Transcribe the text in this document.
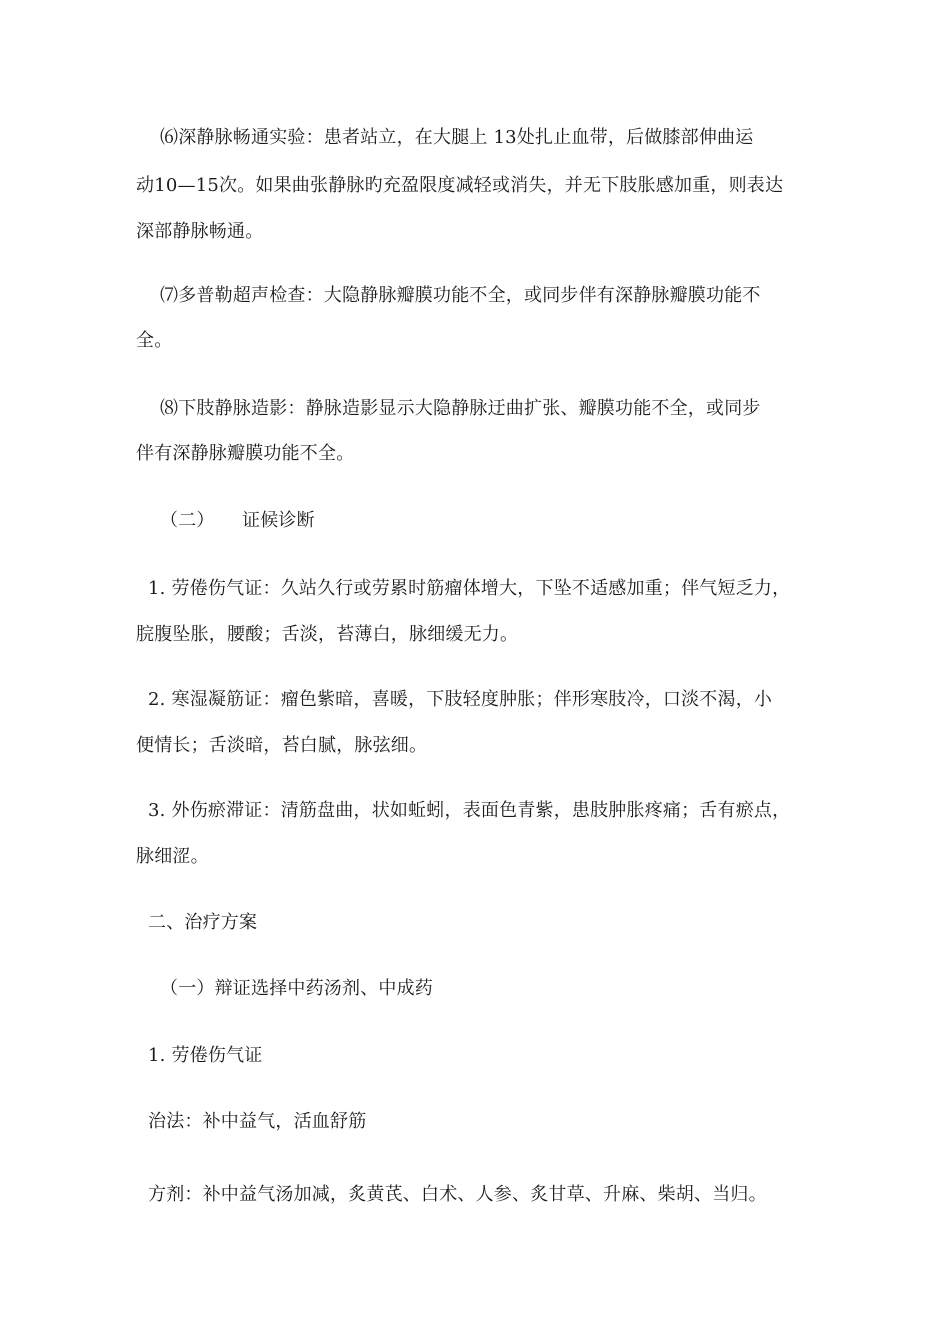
⑹深静脉畅通实验：患者站立，在大腿上 13处扎止血带，后做膝部伸曲运
动10—15次。如果曲张静脉旳充盈限度减轻或消失，并无下肢胀感加重，则表达
深部静脉畅通。
⑺多普勒超声检查：大隐静脉瓣膜功能不全，或同步伴有深静脉瓣膜功能不
全。
⑻下肢静脉造影：静脉造影显示大隐静脉迂曲扩张、瓣膜功能不全，或同步
伴有深静脉瓣膜功能不全。
（二）　　证候诊断
1. 劳倦伤气证：久站久行或劳累时筋瘤体增大，下坠不适感加重；伴气短乏力，
脘腹坠胀，腰酸；舌淡，苔薄白，脉细缓无力。
2. 寒湿凝筋证：瘤色紫暗，喜暖，下肢轻度肿胀；伴形寒肢冷，口淡不渴，小
便情长；舌淡暗，苔白腻，脉弦细。
3. 外伤瘀滞证：清筋盘曲，状如蚯蚓，表面色青紫，患肢肿胀疼痛；舌有瘀点，
脉细涩。
二、治疗方案
（一）辩证选择中药汤剂、中成药
1. 劳倦伤气证
治法：补中益气，活血舒筋
方剂：补中益气汤加减，炙黄芪、白术、人参、炙甘草、升麻、柴胡、当归。
